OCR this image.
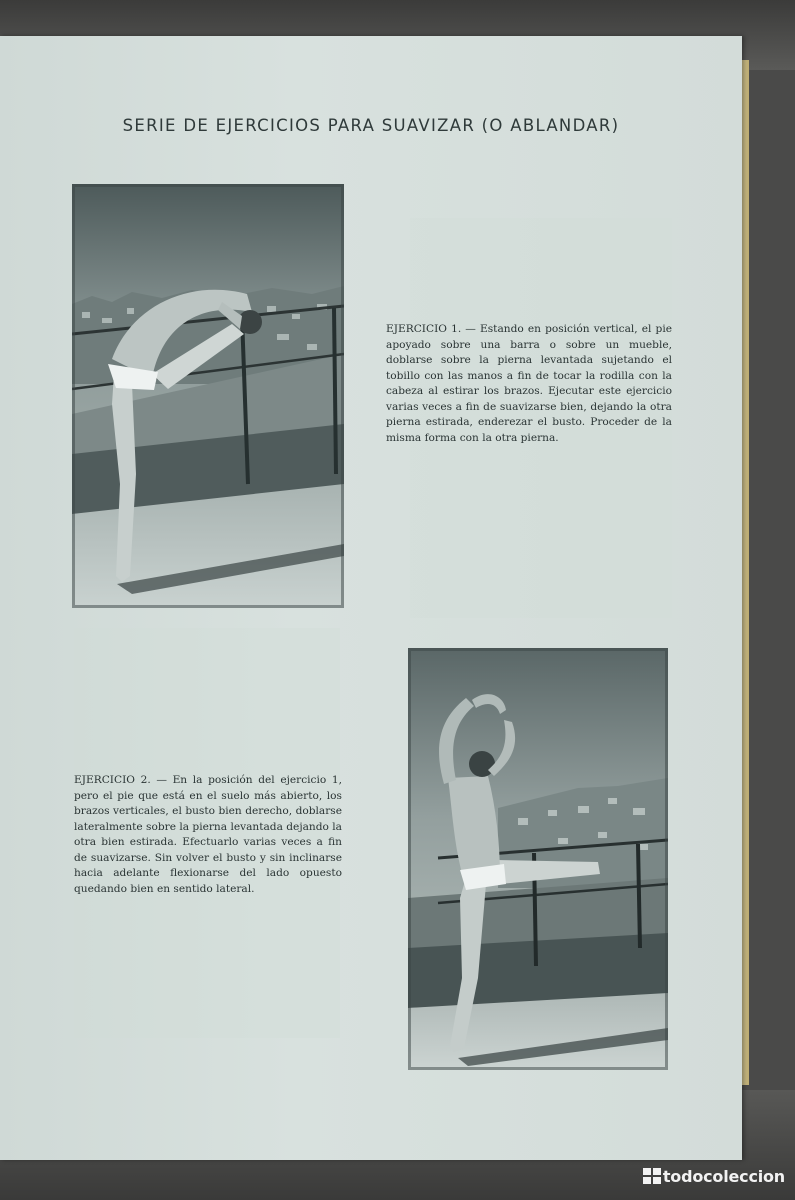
SERIE DE EJERCICIOS PARA SUAVIZAR (O ABLANDAR)

EJERCICIO 1. — Estando en posición vertical, el pie apoyado sobre una barra o sobre un mueble, doblarse sobre la pierna levantada sujetando el tobillo con las manos a fin de tocar la rodilla con la cabeza al estirar los brazos. Ejecutar este ejercicio varias veces a fin de suavizarse bien, dejando la otra pierna estirada, enderezar el busto. Proceder de la misma forma con la otra pierna.

EJERCICIO 2. — En la posición del ejercicio 1, pero el pie que está en el suelo más abierto, los brazos verticales, el busto bien derecho, doblarse lateralmente sobre la pierna levantada dejando la otra bien estirada. Efectuarlo varias veces a fin de suavizarse. Sin volver el busto y sin inclinarse hacia adelante flexionarse del lado opuesto quedando bien en sentido lateral.

todocoleccion
